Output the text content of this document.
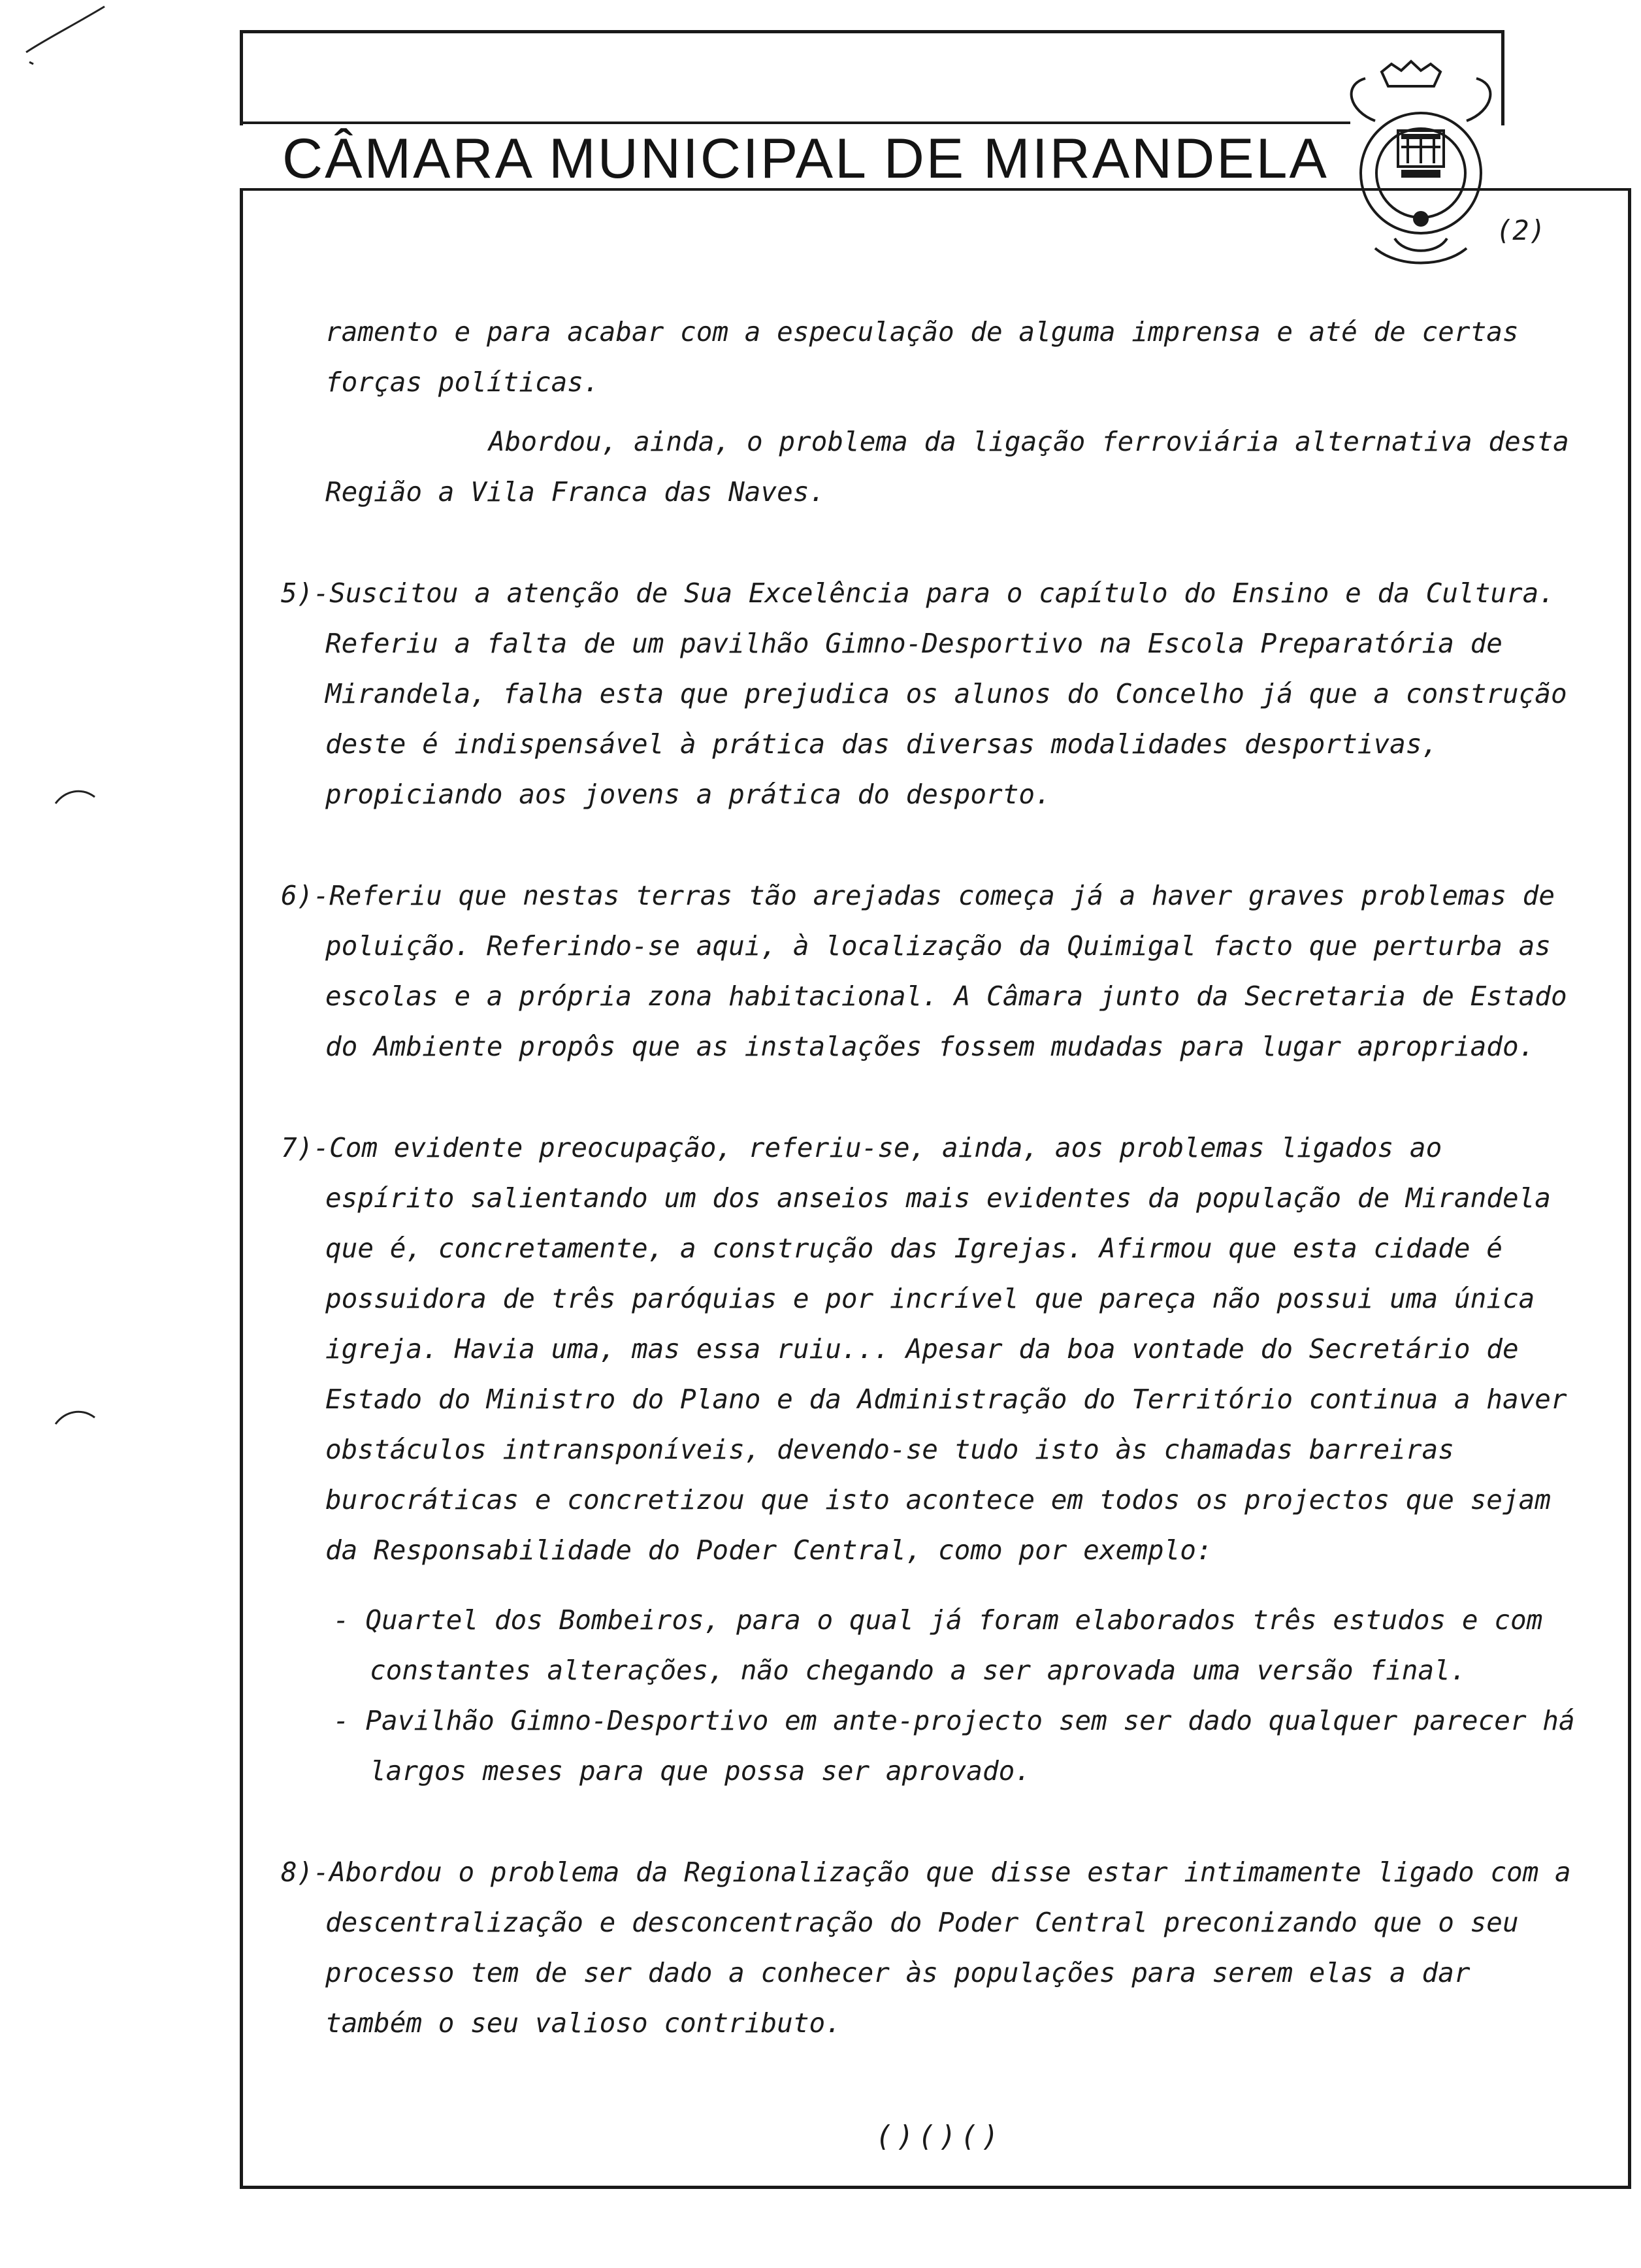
CÂMARA MUNICIPAL DE MIRANDELA
(2)

ramento e para acabar com a especulação de alguma imprensa e até de certas forças políticas.

Abordou, ainda, o problema da ligação ferroviária alternativa desta Região a Vila Franca das Naves.

5)-Suscitou a atenção de Sua Excelência para o capítulo do Ensino e da Cultura. Referiu a falta de um pavilhão Gimno-Desportivo na Escola Preparatória de Mirandela, falha esta que prejudica os alunos do Concelho já que a construção deste é indispensável à prática das diversas modalidades desportivas, propiciando aos jovens a prática do desporto.
6)-Referiu que nestas terras tão arejadas começa já a haver graves problemas de poluição. Referindo-se aqui, à localização da Quimigal facto que perturba as escolas e a própria zona habitacional. A Câmara junto da Secretaria de Estado do Ambiente propôs que as instalações fossem mudadas para lugar apropriado.
7)-Com evidente preocupação, referiu-se, ainda, aos problemas ligados ao espírito salientando um dos anseios mais evidentes da população de Mirandela que é, concretamente, a construção das Igrejas. Afirmou que esta cidade é possuidora de três paróquias e por incrível que pareça não possui uma única igreja. Havia uma, mas essa ruiu... Apesar da boa vontade do Secretário de Estado do Ministro do Plano e da Administração do Território continua a haver obstáculos intransponíveis, devendo-se tudo isto às chamadas barreiras burocráticas e concretizou que isto acontece em todos os projectos que sejam da Responsabilidade do Poder Central, como por exemplo:

- Quartel dos Bombeiros, para o qual já foram elaborados três estudos e com constantes alterações, não chegando a ser aprovada uma versão final.

- Pavilhão Gimno-Desportivo em ante-projecto sem ser dado qualquer parecer há largos meses para que possa ser aprovado.

8)-Abordou o problema da Regionalização que disse estar intimamente ligado com a descentralização e desconcentração do Poder Central preconizando que o seu processo tem de ser dado a conhecer às populações para serem elas a dar também o seu valioso contributo.
()()()
